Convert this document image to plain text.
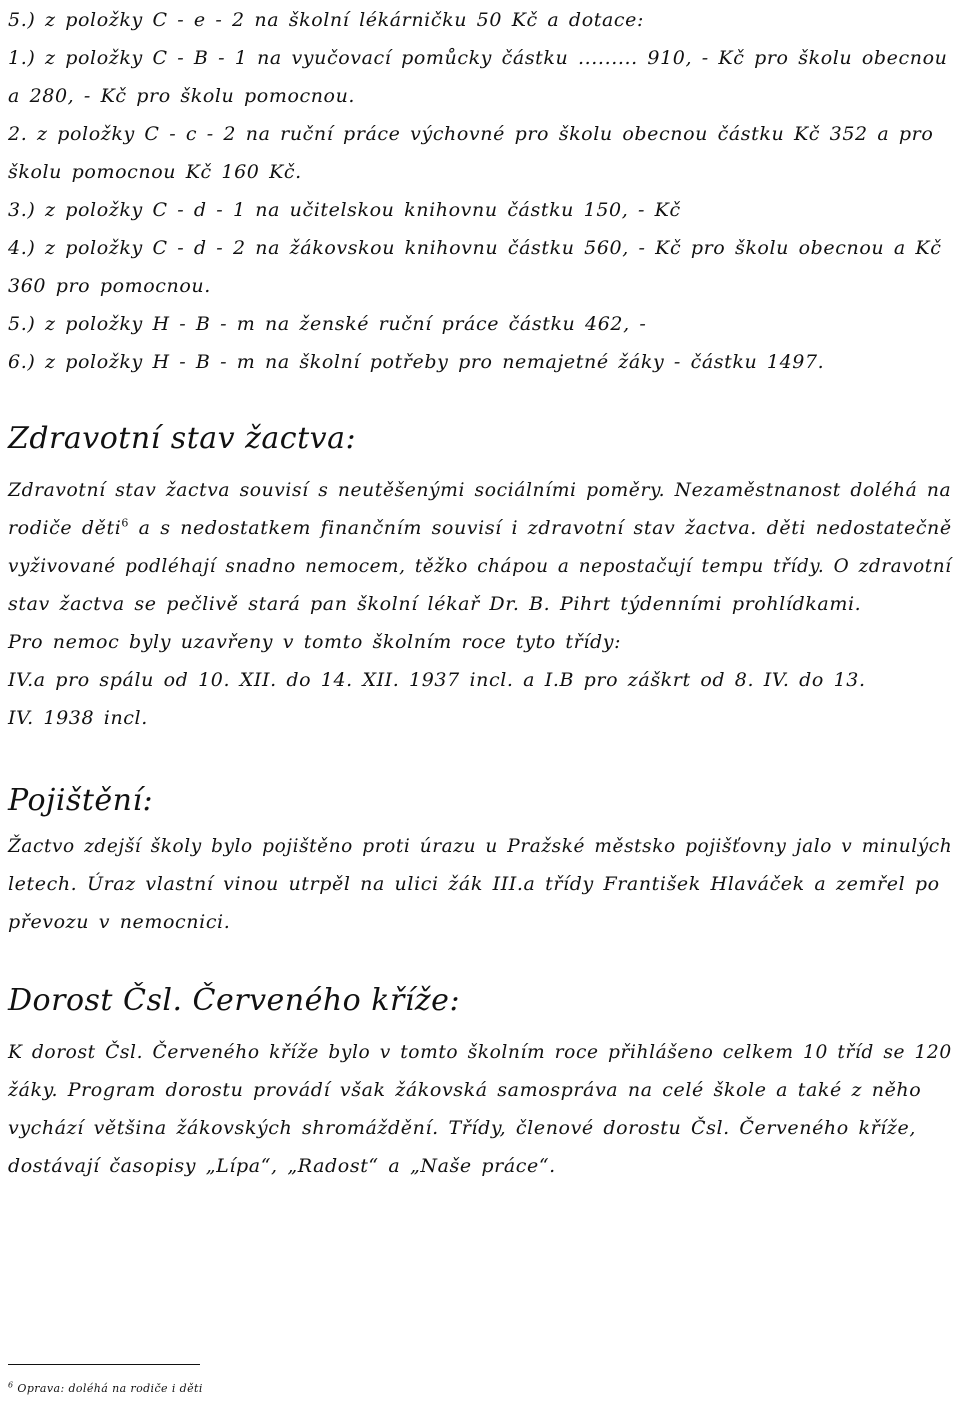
5.) z položky C - e - 2 na školní lékárničku 50 Kč a dotace:
1.) z položky C - B - 1 na vyučovací pomůcky částku ......... 910, - Kč pro školu obecnou
a 280, - Kč pro školu pomocnou.
2. z položky C - c - 2 na ruční práce výchovné pro školu obecnou částku Kč 352 a pro
školu pomocnou Kč 160 Kč.
3.) z položky C - d - 1 na učitelskou knihovnu částku 150, - Kč
4.) z položky C - d - 2 na žákovskou knihovnu částku 560, - Kč pro školu obecnou a Kč
360 pro pomocnou.
5.) z položky H - B - m na ženské ruční práce částku 462, -
6.) z položky H - B - m na školní potřeby pro nemajetné žáky - částku 1497.
Zdravotní stav žactva:
Zdravotní stav žactva souvisí s neutěšenými sociálními poměry. Nezaměstnanost doléhá na
rodiče děti$^6$ a s nedostatkem finančním souvisí i zdravotní stav žactva. děti nedostatečně
vyživované podléhají snadno nemocem, těžko chápou a nepostačují tempu třídy. O zdravotní
stav žactva se pečlivě stará pan školní lékař Dr. B. Pihrt týdenními prohlídkami.
Pro nemoc byly uzavřeny v tomto školním roce tyto třídy:
IV.a pro spálu od 10. XII. do 14. XII. 1937 incl. a I.B pro záškrt od 8. IV. do 13.
IV. 1938 incl.
Pojištění:
Žactvo zdejší školy bylo pojištěno proti úrazu u Pražské městsko pojišťovny jalo v minulých
letech. Úraz vlastní vinou utrpěl na ulici žák III.a třídy František Hlaváček a zemřel po
převozu v nemocnici.
Dorost Čsl. Červeného kříže:
K dorost Čsl. Červeného kříže bylo v tomto školním roce přihlášeno celkem 10 tříd se 120
žáky. Program dorostu provádí však žákovská samospráva na celé škole a také z něho
vychází většina žákovských shromáždění. Třídy, členové dorostu Čsl. Červeného kříže,
dostávají časopisy „Lípa“, „Radost“ a „Naše práce“.
$^6$ Oprava: doléhá na rodiče i děti
